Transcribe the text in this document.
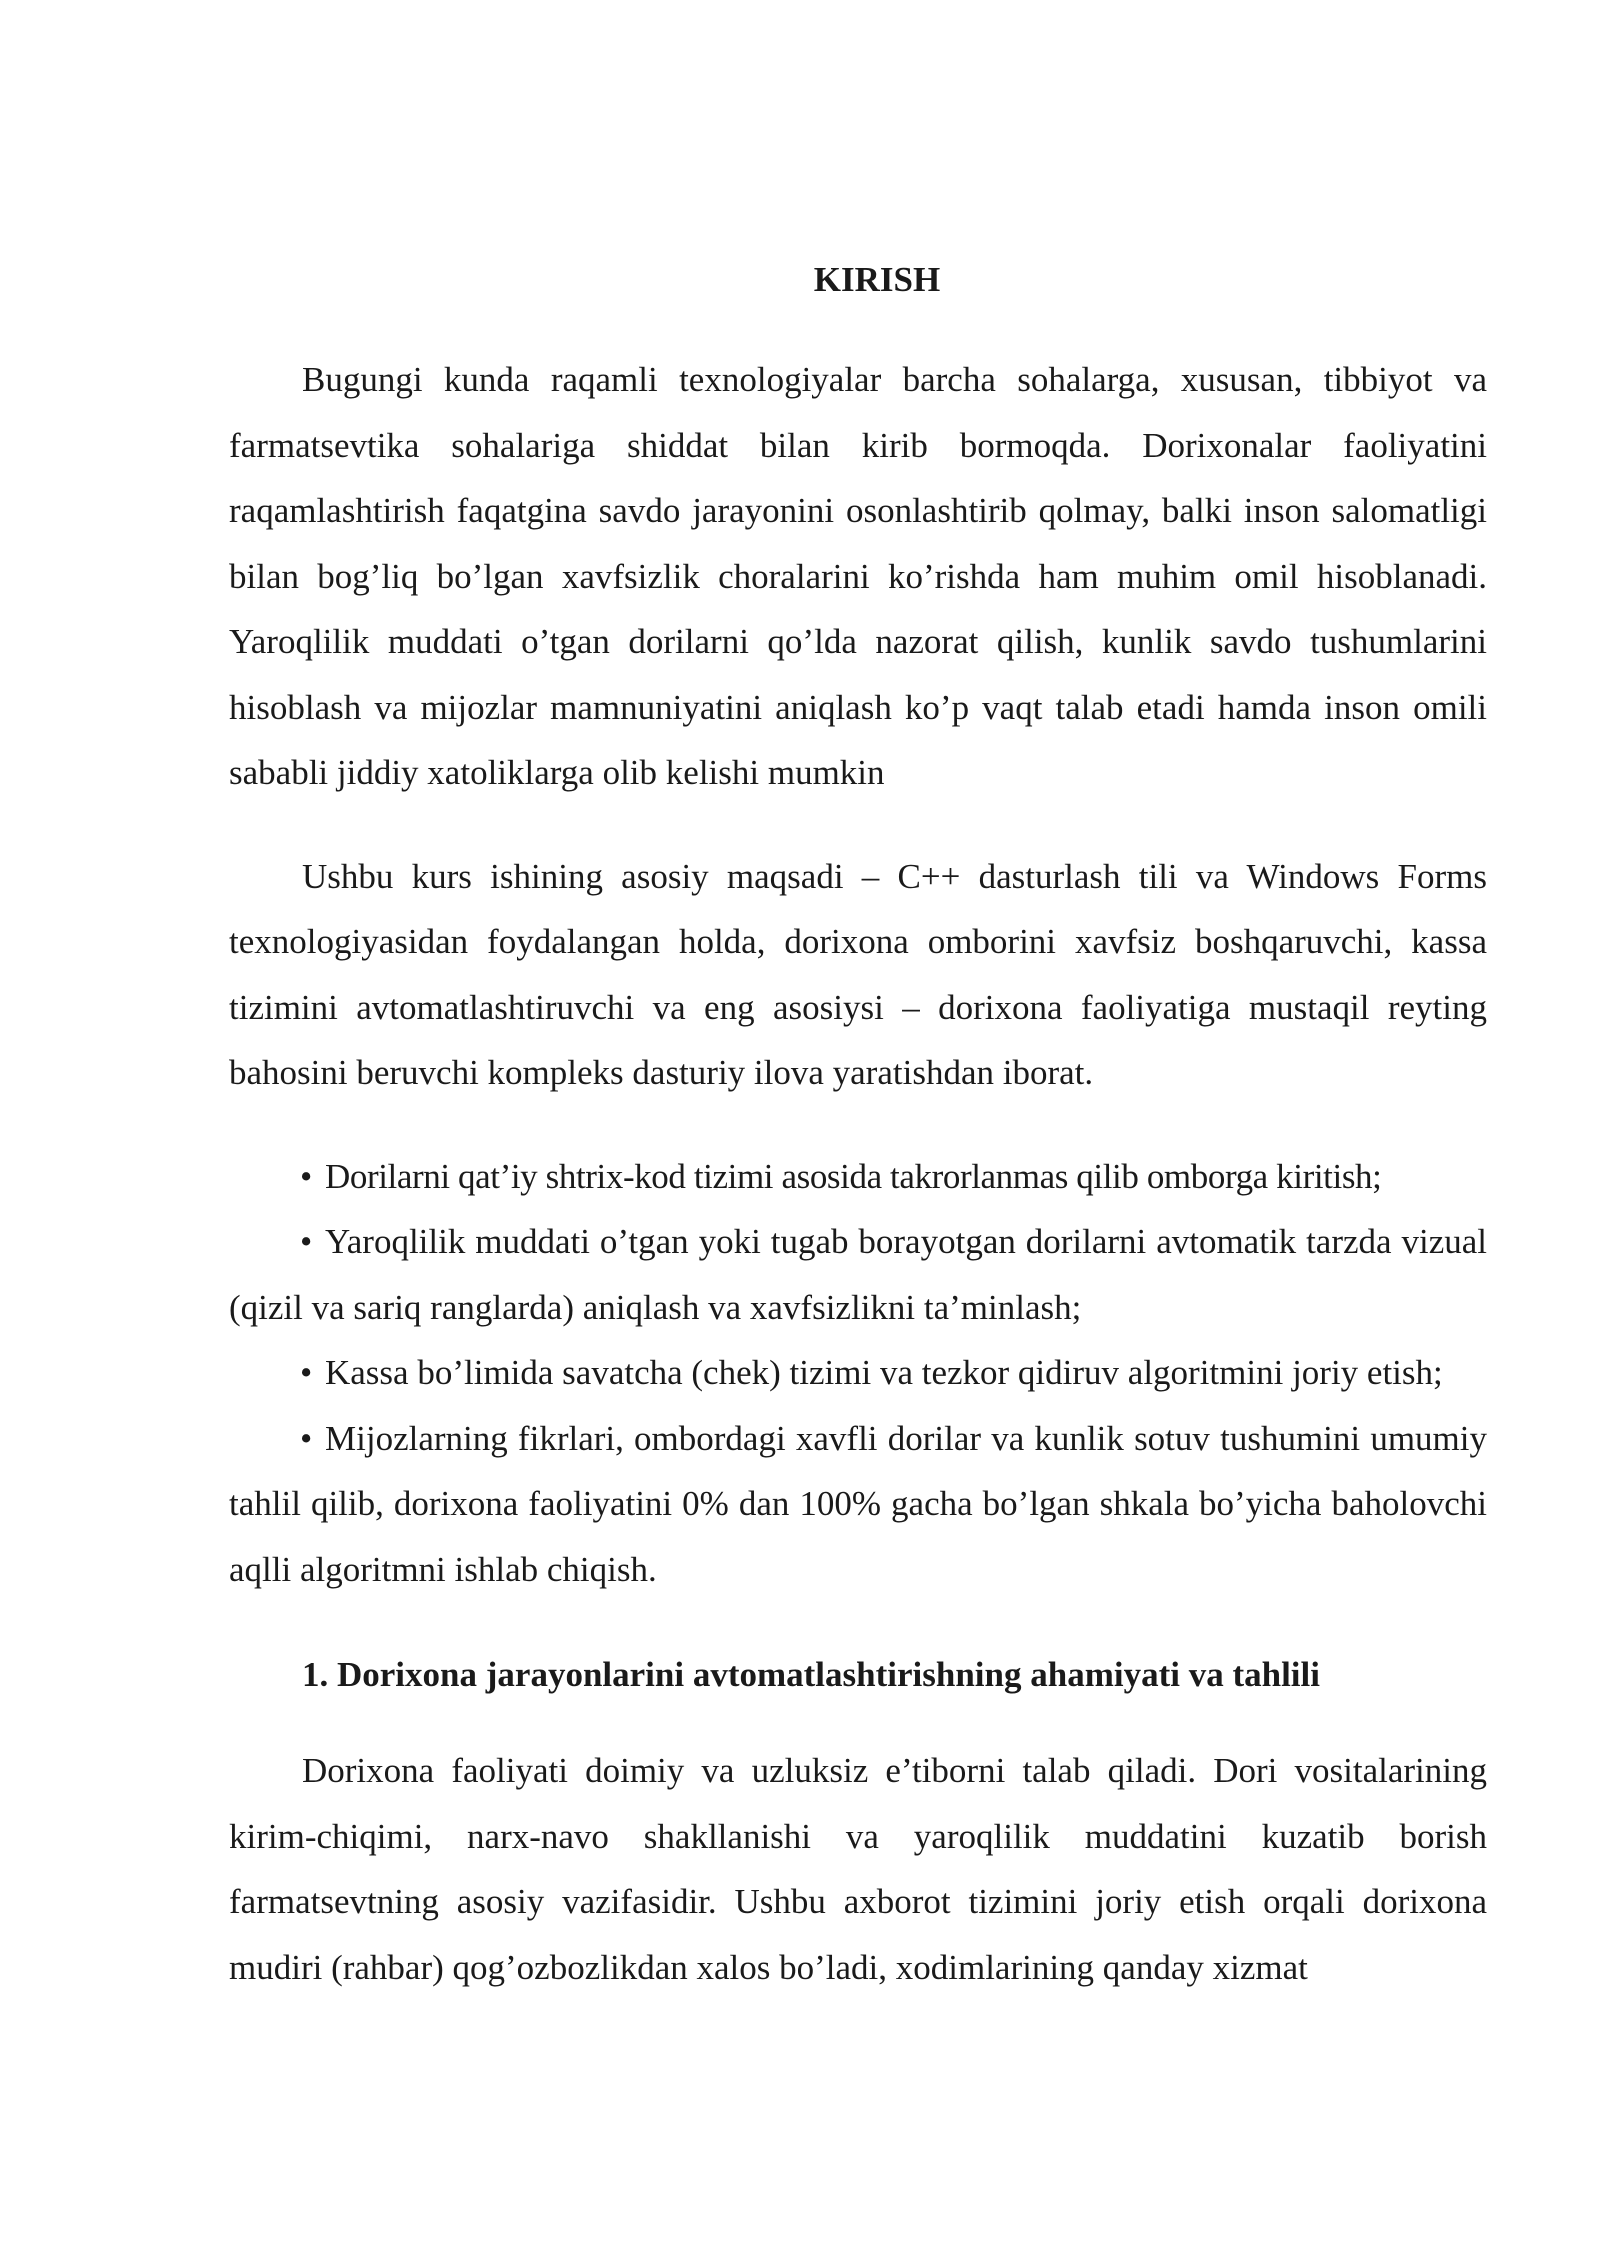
KIRISH

Bugungi kunda raqamli texnologiyalar barcha sohalarga, xususan, tibbiyot va farmatsevtika sohalariga shiddat bilan kirib bormoqda. Dorixonalar faoliyatini raqamlashtirish faqatgina savdo jarayonini osonlashtirib qolmay, balki inson salomatligi bilan bog’liq bo’lgan xavfsizlik choralarini ko’rishda ham muhim omil hisoblanadi. Yaroqlilik muddati o’tgan dorilarni qo’lda nazorat qilish, kunlik savdo tushumlarini hisoblash va mijozlar mamnuniyatini aniqlash ko’p vaqt talab etadi hamda inson omili sababli jiddiy xatoliklarga olib kelishi mumkin

Ushbu kurs ishining asosiy maqsadi – C++ dasturlash tili va Windows Forms texnologiyasidan foydalangan holda, dorixona omborini xavfsiz boshqaruvchi, kassa tizimini avtomatlashtiruvchi va eng asosiysi – dorixona faoliyatiga mustaqil reyting bahosini beruvchi kompleks dasturiy ilova yaratishdan iborat.

• Dorilarni qat’iy shtrix-kod tizimi asosida takrorlanmas qilib omborga kiritish;
• Yaroqlilik muddati o’tgan yoki tugab borayotgan dorilarni avtomatik tarzda vizual (qizil va sariq ranglarda) aniqlash va xavfsizlikni ta’minlash;
• Kassa bo’limida savatcha (chek) tizimi va tezkor qidiruv algoritmini joriy etish;
• Mijozlarning fikrlari, ombordagi xavfli dorilar va kunlik sotuv tushumini umumiy tahlil qilib, dorixona faoliyatini 0% dan 100% gacha bo’lgan shkala bo’yicha baholovchi aqlli algoritmni ishlab chiqish.
1. Dorixona jarayonlarini avtomatlashtirishning ahamiyati va tahlili

Dorixona faoliyati doimiy va uzluksiz e’tiborni talab qiladi. Dori vositalarining kirim-chiqimi, narx-navo shakllanishi va yaroqlilik muddatini kuzatib borish farmatsevtning asosiy vazifasidir. Ushbu axborot tizimini joriy etish orqali dorixona mudiri (rahbar) qog’ozbozlikdan xalos bo’ladi, xodimlarining qanday xizmat
